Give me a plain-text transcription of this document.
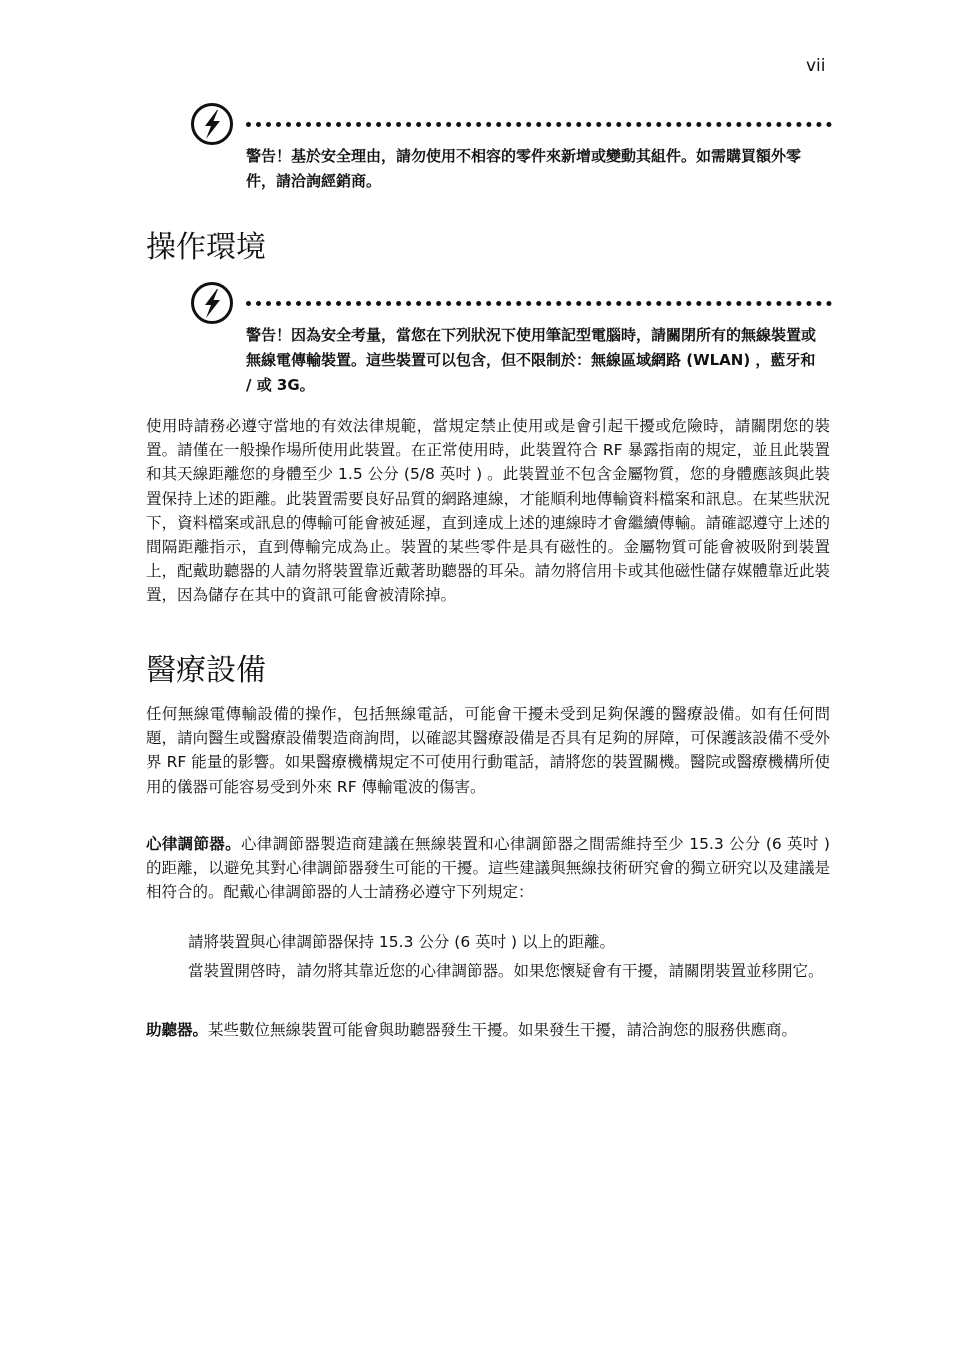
vii
警告！基於安全理由，請勿使用不相容的零件來新增或變動其組件。如需購買額外零件，請洽詢經銷商。
操作環境
警告！因為安全考量，當您在下列狀況下使用筆記型電腦時，請關閉所有的無線裝置或無線電傳輸裝置。這些裝置可以包含，但不限制於：無線區域網路 (WLAN) ，藍牙和 / 或 3G。

使用時請務必遵守當地的有效法律規範，當規定禁止使用或是會引起干擾或危險時，請關閉您的裝置。請僅在一般操作場所使用此裝置。在正常使用時，此裝置符合 RF 暴露指南的規定，並且此裝置和其天線距離您的身體至少 1.5 公分 (5/8 英吋 ) 。此裝置並不包含金屬物質，您的身體應該與此裝置保持上述的距離。此裝置需要良好品質的網路連線，才能順利地傳輸資料檔案和訊息。在某些狀況下，資料檔案或訊息的傳輸可能會被延遲，直到達成上述的連線時才會繼續傳輸。請確認遵守上述的間隔距離指示，直到傳輸完成為止。裝置的某些零件是具有磁性的。金屬物質可能會被吸附到裝置上，配戴助聽器的人請勿將裝置靠近戴著助聽器的耳朵。請勿將信用卡或其他磁性儲存媒體靠近此裝置，因為儲存在其中的資訊可能會被清除掉。

醫療設備

任何無線電傳輸設備的操作，包括無線電話，可能會干擾未受到足夠保護的醫療設備。如有任何問題，請向醫生或醫療設備製造商詢問，以確認其醫療設備是否具有足夠的屏障，可保護該設備不受外界 RF 能量的影響。如果醫療機構規定不可使用行動電話，請將您的裝置關機。醫院或醫療機構所使用的儀器可能容易受到外來 RF 傳輸電波的傷害。

心律調節器。心律調節器製造商建議在無線裝置和心律調節器之間需維持至少 15.3 公分 (6 英吋 ) 的距離，以避免其對心律調節器發生可能的干擾。這些建議與無線技術研究會的獨立研究以及建議是相符合的。配戴心律調節器的人士請務必遵守下列規定：

請將裝置與心律調節器保持 15.3 公分 (6 英吋 ) 以上的距離。

當裝置開啓時，請勿將其靠近您的心律調節器。如果您懷疑會有干擾，請關閉裝置並移開它。

助聽器。某些數位無線裝置可能會與助聽器發生干擾。如果發生干擾，請洽詢您的服務供應商。
